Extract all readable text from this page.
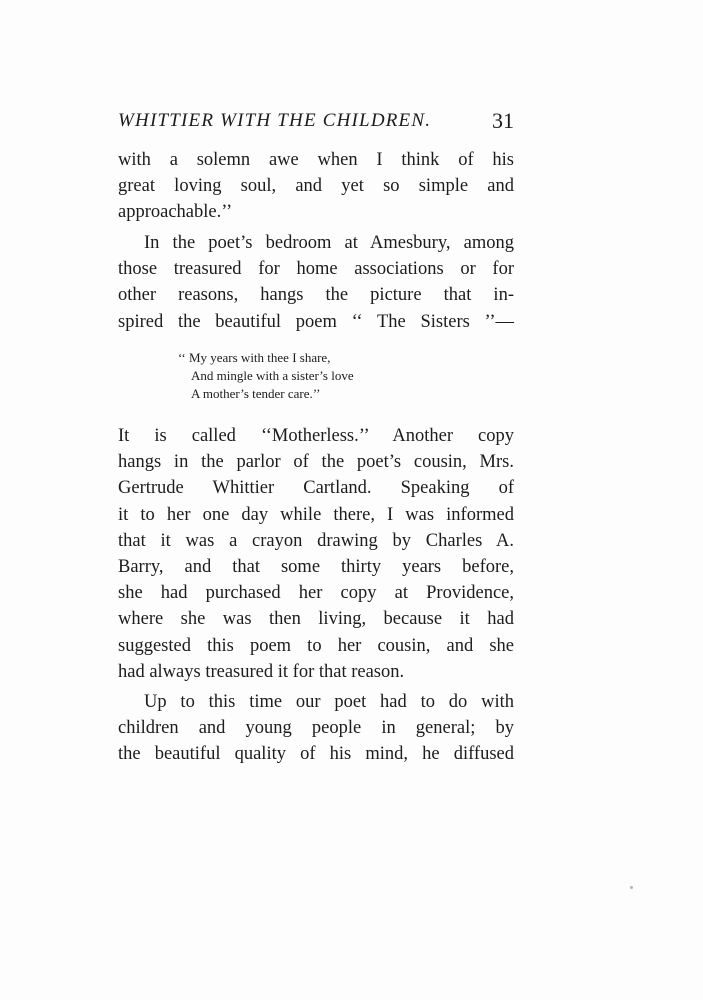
WHITTIER WITH THE CHILDREN.	31
with a solemn awe when I think of his
great loving soul, and yet so simple and
approachable.’’
In the poet’s bedroom at Amesbury, among
those treasured for home associations or for
other reasons, hangs the picture that in-
spired the beautiful poem ‘‘ The Sisters ’’—
‘‘ My years with thee I share,
And mingle with a sister’s love
A mother’s tender care.’’
It is called ‘‘Motherless.’’ Another copy
hangs in the parlor of the poet’s cousin, Mrs.
Gertrude Whittier Cartland. Speaking of
it to her one day while there, I was informed
that it was a crayon drawing by Charles A.
Barry, and that some thirty years before,
she had purchased her copy at Providence,
where she was then living, because it had
suggested this poem to her cousin, and she
had always treasured it for that reason.
Up to this time our poet had to do with
children and young people in general; by
the beautiful quality of his mind, he diffused
